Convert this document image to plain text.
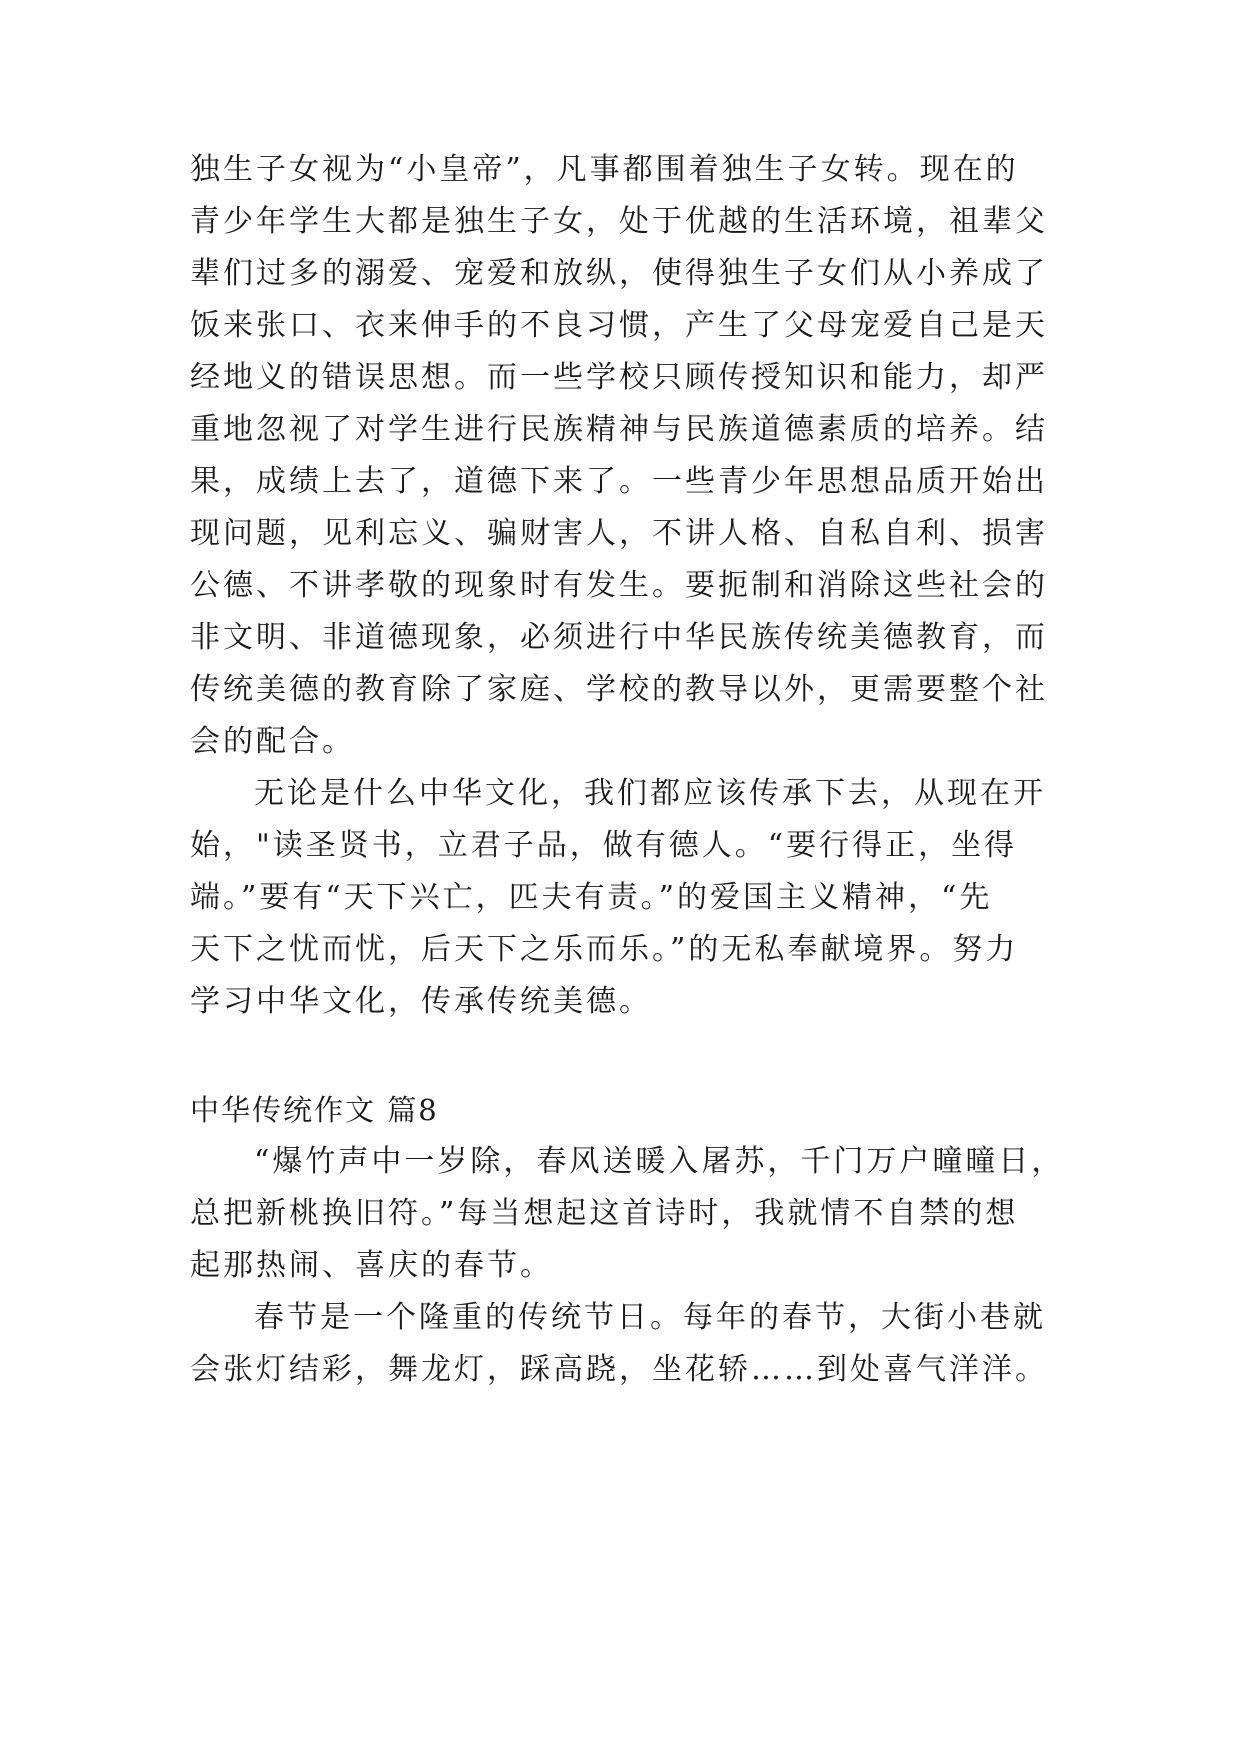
独生子女视为“小皇帝”，凡事都围着独生子女转。现在的

青少年学生大都是独生子女，处于优越的生活环境，祖辈父

辈们过多的溺爱、宠爱和放纵，使得独生子女们从小养成了

饭来张口、衣来伸手的不良习惯，产生了父母宠爱自己是天

经地义的错误思想。而一些学校只顾传授知识和能力，却严

重地忽视了对学生进行民族精神与民族道德素质的培养。结

果，成绩上去了，道德下来了。一些青少年思想品质开始出

现问题，见利忘义、骗财害人，不讲人格、自私自利、损害

公德、不讲孝敬的现象时有发生。要扼制和消除这些社会的

非文明、非道德现象，必须进行中华民族传统美德教育，而

传统美德的教育除了家庭、学校的教导以外，更需要整个社

会的配合。

无论是什么中华文化，我们都应该传承下去，从现在开

始，"读圣贤书，立君子品，做有德人。“要行得正，坐得

端。”要有“天下兴亡，匹夫有责。”的爱国主义精神，“先

天下之忧而忧，后天下之乐而乐。”的无私奉献境界。努力

学习中华文化，传承传统美德。

中华传统作文 篇8

“爆竹声中一岁除，春风送暖入屠苏，千门万户曈曈日，

总把新桃换旧符。”每当想起这首诗时，我就情不自禁的想

起那热闹、喜庆的春节。

春节是一个隆重的传统节日。每年的春节，大街小巷就

会张灯结彩，舞龙灯，踩高跷，坐花轿……到处喜气洋洋。
